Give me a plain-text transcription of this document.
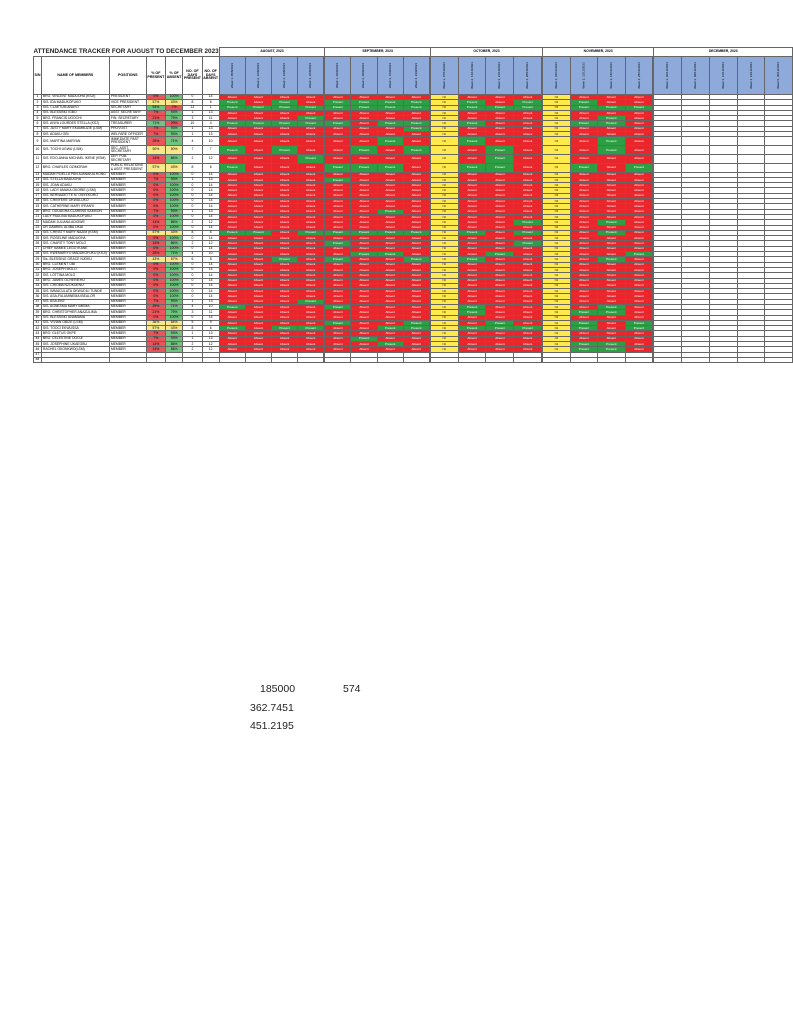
ATTENDANCE TRACKER FOR AUGUST TO DECEMBER 2023							AUGUST, 2023				SEPTEMBER, 2023				OCTOBER, 2023				NOVEMBER, 2023				DECEMBER, 2023				
S/N	NAME OF MEMBERS	POSITIONS	% OF PRESENT	% OF ABSENT	NO. OF DAYS PRESENT	NO. OF DAYS ABSENT	Week 1, 05/8/2023	Week 2, 12/8/2023	Week 3, 19/8/2023	Week 4, 26/8/2023		Week 1, 02/9/2023	Week 2, 09/9/2023	Week 3, 16/9/2023	Week 4, 23/9/2023		Week 1, 07/10/2023	Week 2, 14/10/2023	Week 3, 21/10/2023	Week 4, 28/10/2023		Week 1, 04/11/2023	Week 2, 11/11/2023	Week 3, 18/11/2023	Week 4, 25/11/2023		Week 1, 02/12/2023	Week 2, 09/12/2023	Week 3, 16/12/2023	Week 4, 23/12/2023	Week 5, 30/12/2023
1	BRO. VINCENT MADUOHA (KSJI)	PRESIDENT	0%	100%	0	14	Absent	Absent	Absent	Absent		Absent	Absent	Absent	Absent		Nil	Absent	Absent	Absent		Nil	Absent	Absent	Absent						
2	SIS. IDA MADUKOFUKO	VICE PRESIDENT	57%	43%	8	6	Present	Absent	Present	Absent		Present	Present	Present	Present		Nil	Present	Absent	Present		Nil	Present	Absent	Absent						
3	SIS. CLAETUM ANAYO	SECRETARY	93%	7%	13	1	Present	Present	Present	Present		Present	Present	Present	Present		Nil	Present	Present	Present		Nil	Present	Present	Present						
4	SIS. BLESSING IGBO	ASST SECRETARY	7%	93%	1	13	Absent	Absent	Absent	Absent		Absent	Absent	Absent	Absent		Nil	Absent	Absent	Absent		Nil	Absent	Absent	Absent						
5	BRO. FRANCIS UGOCHI	FIN. SECRETARY	21%	79%	3	11	Absent	Absent	Absent	Present		Absent	Absent	Absent	Absent		Nil	Absent	Absent	Absent		Nil	Absent	Present	Absent						
6	SIS. ANYA LOURDES STELLA (KSJ)	TREASURER	71%	29%	10	4	Present	Present	Present	Present		Present	Absent	Present	Present		Nil	Present	Absent	Absent		Nil	Present	Present	Absent						
7	SIS. JUSTY MARY EKAMBUZIE (LSM)	PROVOST	7%	93%	1	13	Absent	Absent	Absent	Absent		Absent	Absent	Absent	Present		Nil	Absent	Absent	Absent		Nil	Absent	Absent	Absent						
8	SIS. ADAKU OBI	WELFARE OFFICER	7%	93%	1	13	Absent	Absent	Absent	Absent		Absent	Absent	Absent	Absent		Nil	Absent	Absent	Absent		Nil	Absent	Absent	Absent						
9	SIS. MARTINA MARYAN	IMMEDIATE PAST PRESIDENT	29%	71%	4	10	Absent	Absent	Absent	Absent		Absent	Absent	Present	Absent		Nil	Present	Absent	Absent		Nil	Absent	Present	Absent						
10	SIS. TOCHI UGWU (LSM)	SEC. ASST. SECRETARY	50%	50%	7	7	Present	Absent	Present	Absent		Absent	Present	Absent	Present		Nil	Absent	Present	Absent		Nil	Absent	Present	Absent						
11	SIS. EDO-ANNA MICHAEL IKENE (KSM)	DEP. PUB. SECRETARY	14%	86%	2	12	Absent	Absent	Absent	Present		Absent	Absent	Absent	Absent		Nil	Absent	Present	Absent		Nil	Absent	Absent	Absent						
12	BRO. CHARLES OZIMORAH	PUBLIC RELATIONS & ASST PRESIDENT	57%	43%	8	6	Present	Absent	Absent	Absent		Present	Present	Present	Absent		Nil	Present	Present	Absent		Nil	Present	Absent	Present						
13	MADAM FIDELLA PAN AJANAKALRONG	MEMBER	0%	100%	0	14	Absent	Absent	Absent	Absent		Absent	Absent	Absent	Absent		Nil	Absent	Absent	Absent		Nil	Absent	Absent	Absent						
14	SIS. STELLA MADUOHA	MEMBER	7%	93%	1	13	Absent	Absent	Absent	Absent		Present	Absent	Absent	Absent		Nil	Absent	Absent	Absent		Nil	Absent	Absent	Absent						
15	SIS. JOAN ADAKU	MEMBER	0%	100%	0	14	Absent	Absent	Absent	Absent		Absent	Absent	Absent	Absent		Nil	Absent	Absent	Absent		Nil	Absent	Absent	Absent						
16	SIS. LADY AMAKA OKORIE (LSM)	MEMBER	0%	100%	0	14	Absent	Absent	Absent	Absent		Absent	Absent	Absent	Absent		Nil	Absent	Absent	Absent		Nil	Absent	Absent	Absent						
17	SIS. BERNADETTE N. ONYEKORO	MEMBER	0%	100%	0	14	Absent	Absent	Absent	Absent		Absent	Absent	Absent	Absent		Nil	Absent	Absent	Absent		Nil	Absent	Absent	Absent						
18	SIS. CHINYERE OKWULUKO	MEMBER	0%	100%	0	14	Absent	Absent	Absent	Absent		Absent	Absent	Absent	Absent		Nil	Absent	Absent	Absent		Nil	Absent	Absent	Absent						
19	SIS. CATHERINE MARY IFEANYI	MEMBER	0%	100%	0	14	Absent	Absent	Absent	Absent		Absent	Absent	Absent	Absent		Nil	Absent	Absent	Absent		Nil	Absent	Absent	Absent						
20	BRO. OGUAGHA CLARENS SAMSON	MEMBER	7%	93%	1	13	Absent	Absent	Absent	Absent		Absent	Absent	Present	Absent		Nil	Absent	Absent	Absent		Nil	Absent	Absent	Absent						
21	LADY PAULINA MADUKOFUKU	MEMBER	0%	100%	0	14	Absent	Absent	Absent	Absent		Absent	Absent	Absent	Absent		Nil	Absent	Absent	Absent		Nil	Absent	Absent	Absent						
22	MADAM JULIANA ADIGWE	MEMBER	14%	86%	2	12	Absent	Absent	Absent	Absent		Absent	Absent	Absent	Absent		Nil	Absent	Absent	Present		Nil	Absent	Present	Absent						
23	DR GABRIEL ADIBA OKAI	MEMBER	0%	100%	0	14	Absent	Absent	Absent	Absent		Absent	Absent	Absent	Absent		Nil	Absent	Absent	Absent		Nil	Absent	Absent	Absent						
24	SIS. CHRISTY MARY NAZIM (KSM)	MEMBER	57%	43%	8	6	Present	Present	Absent	Present		Present	Present	Present	Present		Nil	Present	Absent	Present		Nil	Absent	Present	Absent						
25	SIS. ROSELINE MADUOHA	MEMBER	0%	100%	0	14	Absent	Absent	Absent	Absent		Absent	Absent	Absent	Absent		Nil	Absent	Absent	Absent		Nil	Absent	Absent	Absent						
26	SIS. CHARITY TONY MOLO	MEMBER	14%	86%	2	12	Absent	Absent	Absent	Absent		Present	Absent	Absent	Absent		Nil	Absent	Absent	Present		Nil	Absent	Absent	Absent						
27	CHIEF NAMEE LEGO IKANE	MEMBER	0%	100%	0	14	Absent	Absent	Absent	Absent		Absent	Absent	Absent	Absent		Nil	Absent	Absent	Absent		Nil	Absent	Absent	Absent						
28	SIS. KWEMARIYO MADUKOFUKU (KSJI)	MEMBER	29%	71%	4	10	Absent	Absent	Absent	Absent		Absent	Present	Present	Absent		Nil	Absent	Present	Absent		Nil	Absent	Absent	Present						
29	Sis. BLESSING GRACE NJOKU	MEMBER	43%	57%	6	8	Absent	Absent	Present	Absent		Present	Absent	Absent	Present		Nil	Present	Absent	Absent		Nil	Absent	Present	Absent						
30	BRO. CLEMENT OBI	MEMBER	0%	100%	0	14	Absent	Absent	Absent	Absent		Absent	Absent	Absent	Absent		Nil	Absent	Absent	Absent		Nil	Absent	Absent	Absent						
31	BRO. JOSEPH MOLO	MEMBER	0%	100%	0	14	Absent	Absent	Absent	Absent		Absent	Absent	Absent	Absent		Nil	Absent	Absent	Absent		Nil	Absent	Absent	Absent						
32	SIS. LOTTINA MOLO	MEMBER	0%	100%	0	14	Absent	Absent	Absent	Absent		Absent	Absent	Absent	Absent		Nil	Absent	Absent	Absent		Nil	Absent	Absent	Absent						
33	BRO. JAMES OCHERIEHU	MEMBER	0%	100%	0	14	Absent	Absent	Absent	Absent		Absent	Absent	Absent	Absent		Nil	Absent	Absent	Absent		Nil	Absent	Absent	Absent						
34	SIS. CHIOMA NZOKUENU	MEMBER	0%	100%	0	14	Absent	Absent	Absent	Absent		Absent	Absent	Absent	Absent		Nil	Absent	Absent	Absent		Nil	Absent	Absent	Absent						
35	SIS. IMMACULATA OKWUDILI TUNDE	MEMBER	0%	100%	0	14	Absent	Absent	Absent	Absent		Absent	Absent	Absent	Absent		Nil	Absent	Absent	Absent		Nil	Absent	Absent	Absent						
36	SIS. ASA-FIA AMINEMA IBEALOR	MEMBER	0%	100%	0	14	Absent	Absent	Absent	Absent		Absent	Absent	Absent	Absent		Nil	Absent	Absent	Absent		Nil	Absent	Absent	Absent						
37	SIS. ASA-EKE	MEMBER	7%	93%	1	13	Absent	Absent	Absent	Present		Absent	Absent	Absent	Absent		Nil	Absent	Absent	Absent		Nil	Absent	Absent	Absent						
38	SIS. AGNESMA MARY IMEMA	MEMBER	29%	71%	4	10	Present	Absent	Absent	Absent		Present	Absent	Absent	Absent		Nil	Present	Absent	Absent		Nil	Absent	Present	Absent						
39	BRO. CHRISTOPHER ANAZULIMA	MEMBER	21%	79%	3	11	Absent	Absent	Absent	Absent		Absent	Absent	Absent	Absent		Nil	Present	Absent	Absent		Nil	Present	Present	Absent						
40	SIS. BLESSING ANAMAMA	MEMBER	0%	100%	0	14	Absent	Absent	Absent	Absent		Absent	Absent	Absent	Absent		Nil	Absent	Absent	Absent		Nil	Absent	Absent	Absent						
41	SIS. VIVIAN OBIZE (LSM)	MEMBER	36%	64%	5	9	Absent	Absent	Absent	Absent		Present	Absent	Absent	Present		Nil	Absent	Present	Absent		Nil	Present	Absent	Present						
42	SIS. TOOCI EKWUSSA	MEMBER	57%	43%	8	6	Present	Absent	Present	Present		Absent	Absent	Present	Present		Nil	Present	Present	Present		Nil	Present	Absent	Present						
43	BRO. GLETUS OKPE	MEMBER	7%	93%	1	13	Absent	Absent	Absent	Absent		Absent	Absent	Absent	Absent		Nil	Absent	Absent	Absent		Nil	Absent	Absent	Absent						
44	BRO. CELESTINE OGOJI	MEMBER	7%	93%	1	13	Absent	Absent	Absent	Absent		Absent	Present	Absent	Absent		Nil	Absent	Absent	Absent		Nil	Absent	Absent	Absent						
45	SIS. JOSEPHINE UKAEGBU	MEMBER	14%	86%	2	12	Absent	Absent	Absent	Absent		Absent	Absent	Present	Absent		Nil	Absent	Absent	Absent		Nil	Present	Present	Absent						
46	RACHEL OKONKWO(LSM)	MEMBER	14%	86%	2	12	Absent	Absent	Absent	Absent		Absent	Absent	Absent	Absent		Nil	Absent	Absent	Absent		Nil	Present	Present	Absent						
47																															
48																															
185000	574
362.7451
451.2195
